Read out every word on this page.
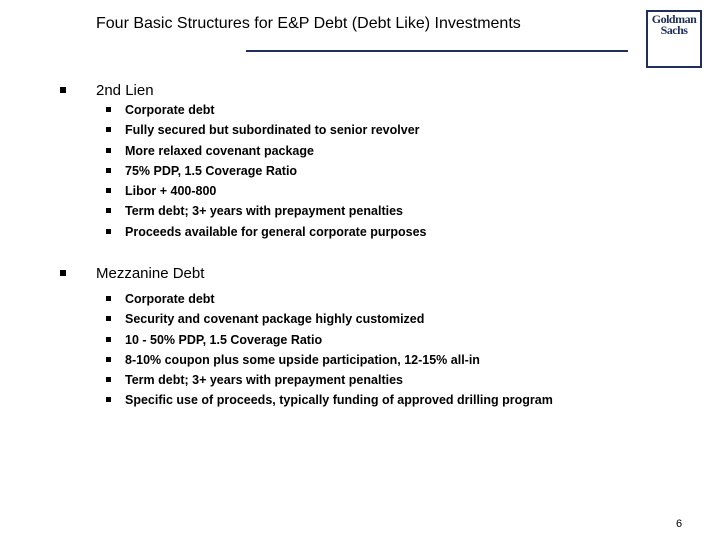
Four Basic Structures for E&P Debt (Debt Like) Investments	Goldman
Sachs
2nd Lien
Corporate debt
Fully secured but subordinated to senior revolver
More relaxed covenant package
75% PDP, 1.5 Coverage Ratio
Libor + 400-800
Term debt; 3+ years with prepayment penalties
Proceeds available for general corporate purposes
Mezzanine Debt
Corporate debt
Security and covenant package highly customized
10 - 50% PDP, 1.5 Coverage Ratio
8-10% coupon plus some upside participation, 12-15% all-in
Term debt; 3+ years with prepayment penalties
Specific use of proceeds, typically funding of approved drilling program
6
